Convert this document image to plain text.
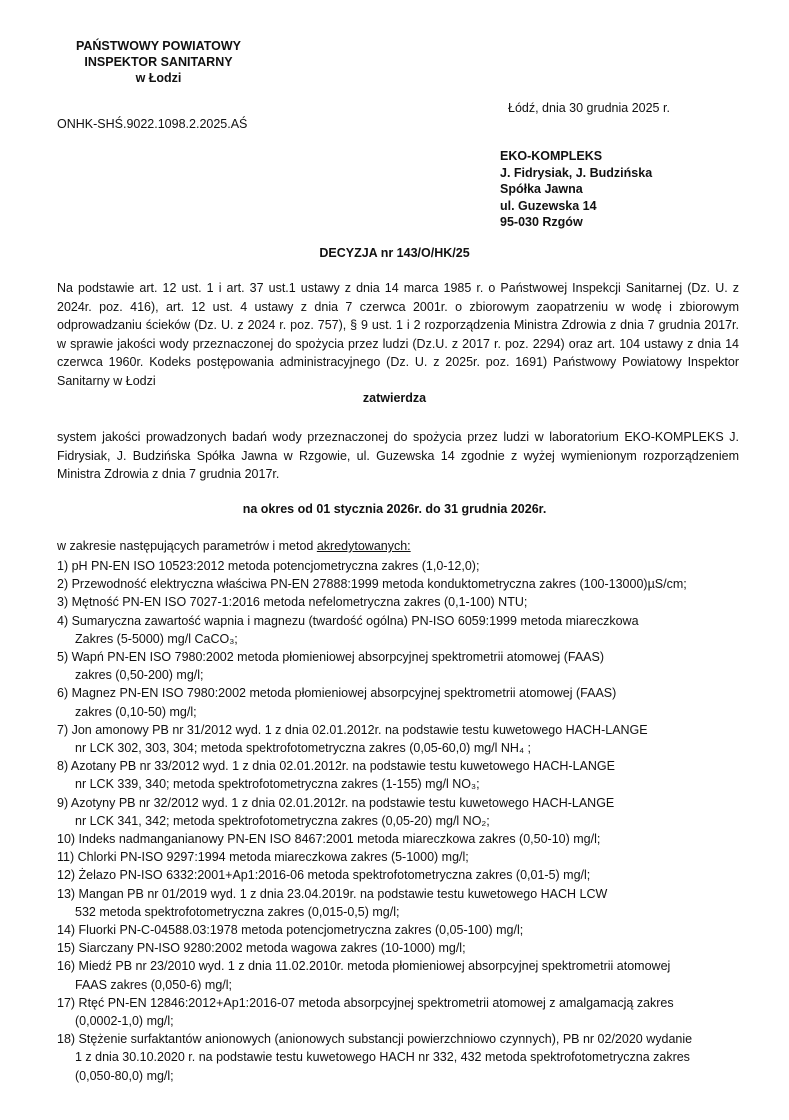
PAŃSTWOWY POWIATOWY
INSPEKTOR SANITARNY
w Łodzi
Łódź, dnia 30 grudnia 2025 r.
ONHK-SHŚ.9022.1098.2.2025.AŚ
EKO-KOMPLEKS
J. Fidrysiak, J. Budzińska
Spółka Jawna
ul. Guzewska 14
95-030 Rzgów
DECYZJA nr 143/O/HK/25
Na podstawie art. 12 ust. 1 i art. 37 ust.1 ustawy z dnia 14 marca 1985 r. o Państwowej Inspekcji Sanitarnej (Dz. U. z 2024r. poz. 416), art. 12 ust. 4 ustawy z dnia 7 czerwca 2001r. o zbiorowym zaopatrzeniu w wodę i zbiorowym odprowadzaniu ścieków (Dz. U. z 2024 r. poz. 757), § 9 ust. 1 i 2 rozporządzenia Ministra Zdrowia z dnia 7 grudnia 2017r. w sprawie jakości wody przeznaczonej do spożycia przez ludzi (Dz.U. z 2017 r. poz. 2294) oraz art. 104 ustawy z dnia 14 czerwca 1960r. Kodeks postępowania administracyjnego (Dz. U. z 2025r. poz. 1691) Państwowy Powiatowy Inspektor Sanitarny w Łodzi
zatwierdza
system jakości prowadzonych badań wody przeznaczonej do spożycia przez ludzi w laboratorium EKO-KOMPLEKS J. Fidrysiak, J. Budzińska Spółka Jawna w Rzgowie, ul. Guzewska 14 zgodnie z wyżej wymienionym rozporządzeniem Ministra Zdrowia z dnia 7 grudnia 2017r.
na okres od 01 stycznia 2026r. do 31 grudnia 2026r.
w zakresie następujących parametrów i metod akredytowanych:
1) pH PN-EN ISO 10523:2012 metoda potencjometryczna zakres (1,0-12,0);
2) Przewodność elektryczna właściwa PN-EN 27888:1999 metoda konduktometryczna zakres (100-13000)µS/cm;
3) Mętność PN-EN ISO 7027-1:2016 metoda nefelometryczna zakres (0,1-100) NTU;
4) Sumaryczna zawartość wapnia i magnezu (twardość ogólna) PN-ISO 6059:1999 metoda miareczkowa
Zakres (5-5000) mg/l CaCO₃;
5) Wapń PN-EN ISO 7980:2002 metoda płomieniowej absorpcyjnej spektrometrii atomowej (FAAS)
zakres (0,50-200) mg/l;
6) Magnez PN-EN ISO 7980:2002 metoda płomieniowej absorpcyjnej spektrometrii atomowej (FAAS)
zakres (0,10-50) mg/l;
7) Jon amonowy PB nr 31/2012 wyd. 1 z dnia 02.01.2012r. na podstawie testu kuwetowego HACH-LANGE
nr LCK 302, 303, 304; metoda spektrofotometryczna zakres (0,05-60,0) mg/l NH₄ ;
8) Azotany PB nr 33/2012 wyd. 1 z dnia 02.01.2012r. na podstawie testu kuwetowego HACH-LANGE
nr LCK 339, 340; metoda spektrofotometryczna zakres (1-155) mg/l NO₃;
9) Azotyny PB nr 32/2012 wyd. 1 z dnia 02.01.2012r. na podstawie testu kuwetowego HACH-LANGE
nr LCK 341, 342; metoda spektrofotometryczna zakres (0,05-20) mg/l NO₂;
10) Indeks nadmanganianowy PN-EN ISO 8467:2001 metoda miareczkowa zakres (0,50-10) mg/l;
11) Chlorki PN-ISO 9297:1994 metoda miareczkowa zakres (5-1000) mg/l;
12) Żelazo PN-ISO 6332:2001+Ap1:2016-06 metoda spektrofotometryczna zakres (0,01-5) mg/l;
13) Mangan PB nr 01/2019 wyd. 1 z dnia 23.04.2019r. na podstawie testu kuwetowego HACH LCW
532 metoda spektrofotometryczna zakres (0,015-0,5) mg/l;
14) Fluorki PN-C-04588.03:1978 metoda potencjometryczna zakres (0,05-100) mg/l;
15) Siarczany PN-ISO 9280:2002 metoda wagowa zakres (10-1000) mg/l;
16) Miedź PB nr 23/2010 wyd. 1 z dnia 11.02.2010r. metoda płomieniowej absorpcyjnej spektrometrii atomowej
FAAS zakres (0,050-6) mg/l;
17) Rtęć PN-EN 12846:2012+Ap1:2016-07 metoda absorpcyjnej spektrometrii atomowej z amalgamacją zakres
(0,0002-1,0) mg/l;
18) Stężenie surfaktantów anionowych (anionowych substancji powierzchniowo czynnych), PB nr 02/2020 wydanie
1 z dnia 30.10.2020 r. na podstawie testu kuwetowego HACH nr 332, 432 metoda spektrofotometryczna zakres
(0,050-80,0) mg/l;
